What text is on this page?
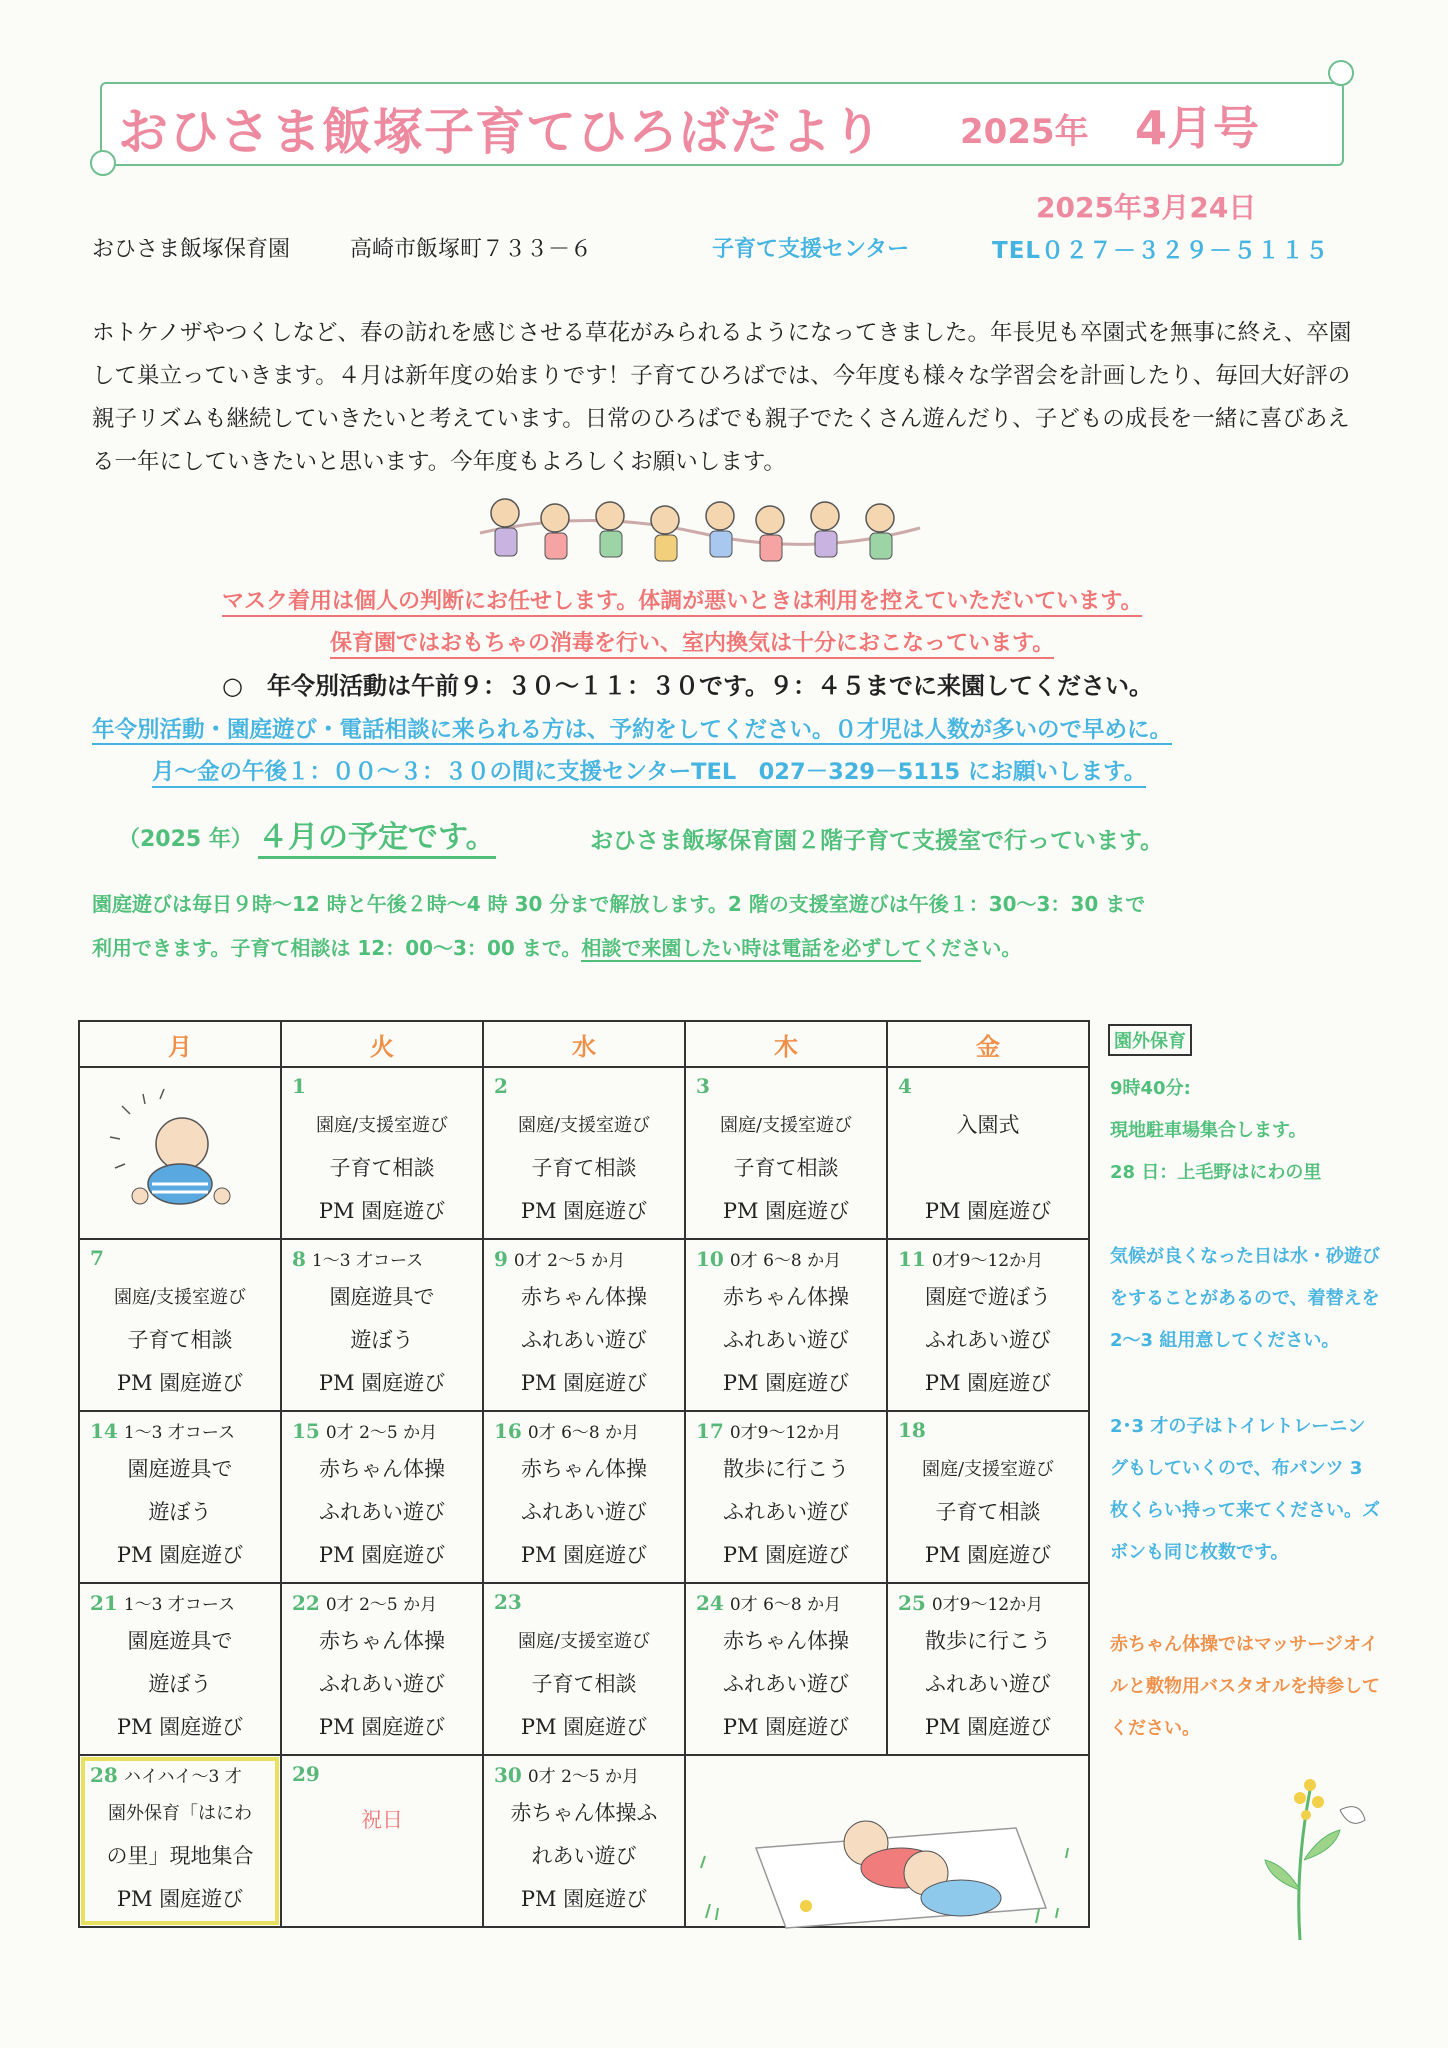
おひさま飯塚子育てひろばだより 2025年 4月号
2025年3月24日
おひさま飯塚保育園	高崎市飯塚町７３３－６	子育て支援センター	TEL０２７－３２９－５１１５
ホトケノザやつくしなど、春の訪れを感じさせる草花がみられるようになってきました。年長児も卒園式を無事に終え、卒園して巣立っていきます。４月は新年度の始まりです！子育てひろばでは、今年度も様々な学習会を計画したり、毎回大好評の親子リズムも継続していきたいと考えています。日常のひろばでも親子でたくさん遊んだり、子どもの成長を一緒に喜びあえる一年にしていきたいと思います。今年度もよろしくお願いします。
マスク着用は個人の判断にお任せします。体調が悪いときは利用を控えていただいています。
保育園ではおもちゃの消毒を行い、室内換気は十分におこなっています。
○　年令別活動は午前９：３０～１１：３０です。９：４５までに来園してください。
年令別活動・園庭遊び・電話相談に来られる方は、予約をしてください。０才児は人数が多いので早めに。
月～金の午後１：００～３：３０の間に支援センターTEL　027－329－5115 にお願いします。
（2025 年） ４月の予定です。	おひさま飯塚保育園２階子育て支援室で行っています。
園庭遊びは毎日９時～12 時と午後２時～4 時 30 分まで解放します。2 階の支援室遊びは午後１：30～3：30 まで
利用できます。子育て相談は 12：00～3：00 まで。相談で来園したい時は電話を必ずしてください。
月	火	水	木	金

	1
園庭/支援室遊び
子育て相談
PM 園庭遊び	2
園庭/支援室遊び
子育て相談
PM 園庭遊び	3
園庭/支援室遊び
子育て相談
PM 園庭遊び	4
入園式

PM 園庭遊び

7
園庭/支援室遊び
子育て相談
PM 園庭遊び	8 1～3 才コース
園庭遊具で
遊ぼう
PM 園庭遊び	9 0才 2～5 か月
赤ちゃん体操
ふれあい遊び
PM 園庭遊び	10 0才 6～8 か月
赤ちゃん体操
ふれあい遊び
PM 園庭遊び	11 0才9～12か月
園庭で遊ぼう
ふれあい遊び
PM 園庭遊び

14 1～3 才コース
園庭遊具で
遊ぼう
PM 園庭遊び	15 0才 2～5 か月
赤ちゃん体操
ふれあい遊び
PM 園庭遊び	16 0才 6～8 か月
赤ちゃん体操
ふれあい遊び
PM 園庭遊び	17 0才9～12か月
散歩に行こう
ふれあい遊び
PM 園庭遊び	18
園庭/支援室遊び
子育て相談
PM 園庭遊び

21 1～3 才コース
園庭遊具で
遊ぼう
PM 園庭遊び	22 0才 2～5 か月
赤ちゃん体操
ふれあい遊び
PM 園庭遊び	23
園庭/支援室遊び
子育て相談
PM 園庭遊び	24 0才 6～8 か月
赤ちゃん体操
ふれあい遊び
PM 園庭遊び	25 0才9～12か月
散歩に行こう
ふれあい遊び
PM 園庭遊び

28 ハイハイ～3 才
園外保育「はにわ
の里」現地集合
PM 園庭遊び	29
祝日	30 0才 2～5 か月
赤ちゃん体操ふ
れあい遊び
PM 園庭遊び		

園外保育
9時40分:
現地駐車場集合します。
28 日：上毛野はにわの里
気候が良くなった日は水・砂遊びをすることがあるので、着替えを2～3 組用意してください。
2･3 才の子はトイレトレーニングもしていくので、布パンツ 3 枚くらい持って来てください。ズボンも同じ枚数です。
赤ちゃん体操ではマッサージオイルと敷物用バスタオルを持参してください。
